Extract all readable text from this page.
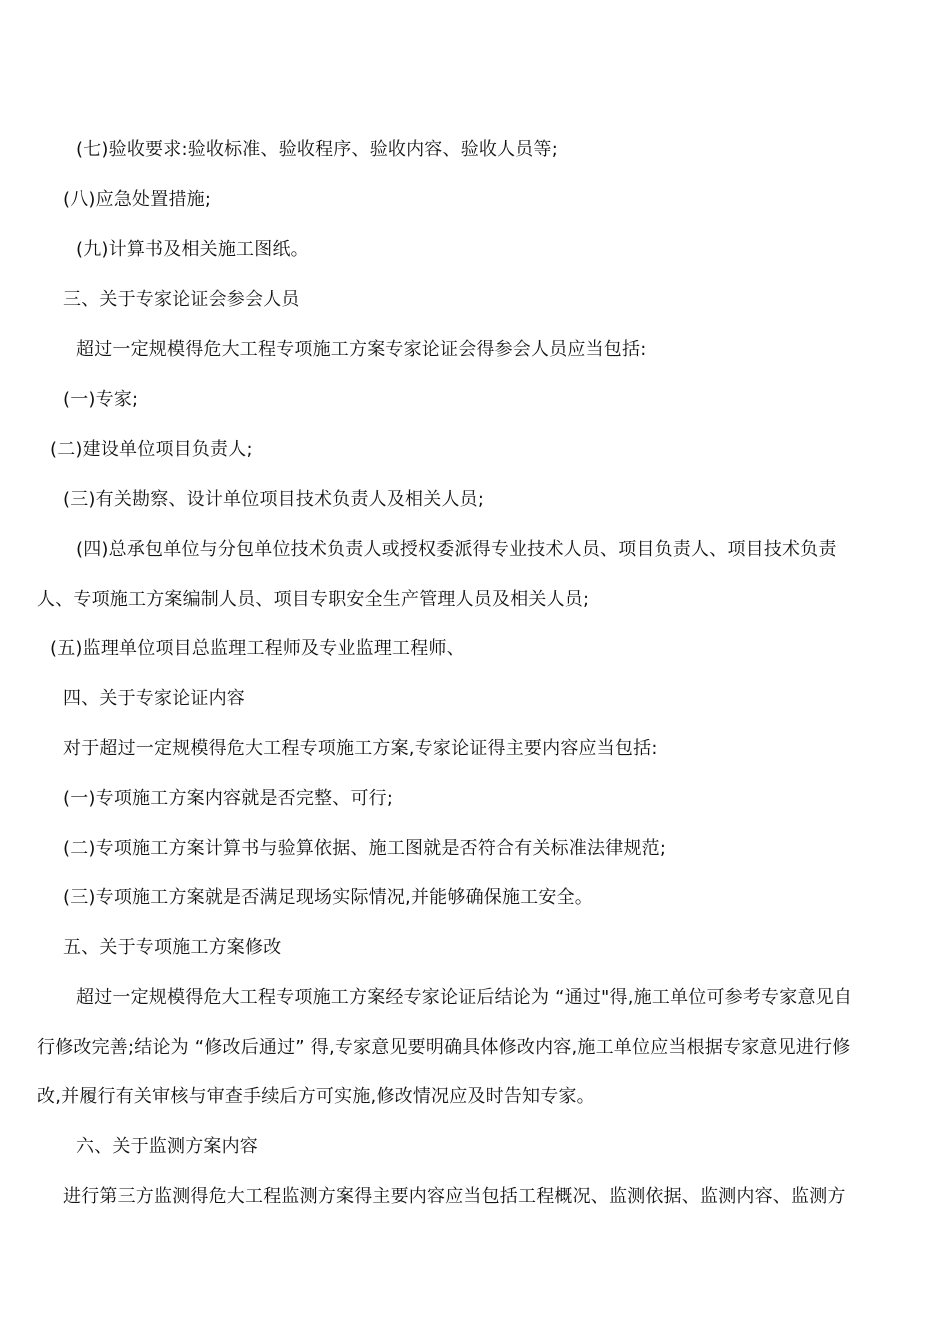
(七)验收要求:验收标准、验收程序、验收内容、验收人员等;
(八)应急处置措施;
(九)计算书及相关施工图纸。
三、关于专家论证会参会人员
超过一定规模得危大工程专项施工方案专家论证会得参会人员应当包括:
(一)专家;
(二)建设单位项目负责人;
(三)有关勘察、设计单位项目技术负责人及相关人员;
(四)总承包单位与分包单位技术负责人或授权委派得专业技术人员、项目负责人、项目技术负责
人、专项施工方案编制人员、项目专职安全生产管理人员及相关人员;
(五)监理单位项目总监理工程师及专业监理工程师、
四、关于专家论证内容
对于超过一定规模得危大工程专项施工方案,专家论证得主要内容应当包括:
(一)专项施工方案内容就是否完整、可行;
(二)专项施工方案计算书与验算依据、施工图就是否符合有关标准法律规范;
(三)专项施工方案就是否满足现场实际情况,并能够确保施工安全。
五、关于专项施工方案修改
超过一定规模得危大工程专项施工方案经专家论证后结论为 “通过"得,施工单位可参考专家意见自
行修改完善;结论为 “修改后通过” 得,专家意见要明确具体修改内容,施工单位应当根据专家意见进行修
改,并履行有关审核与审查手续后方可实施,修改情况应及时告知专家。
六、关于监测方案内容
进行第三方监测得危大工程监测方案得主要内容应当包括工程概况、监测依据、监测内容、监测方
